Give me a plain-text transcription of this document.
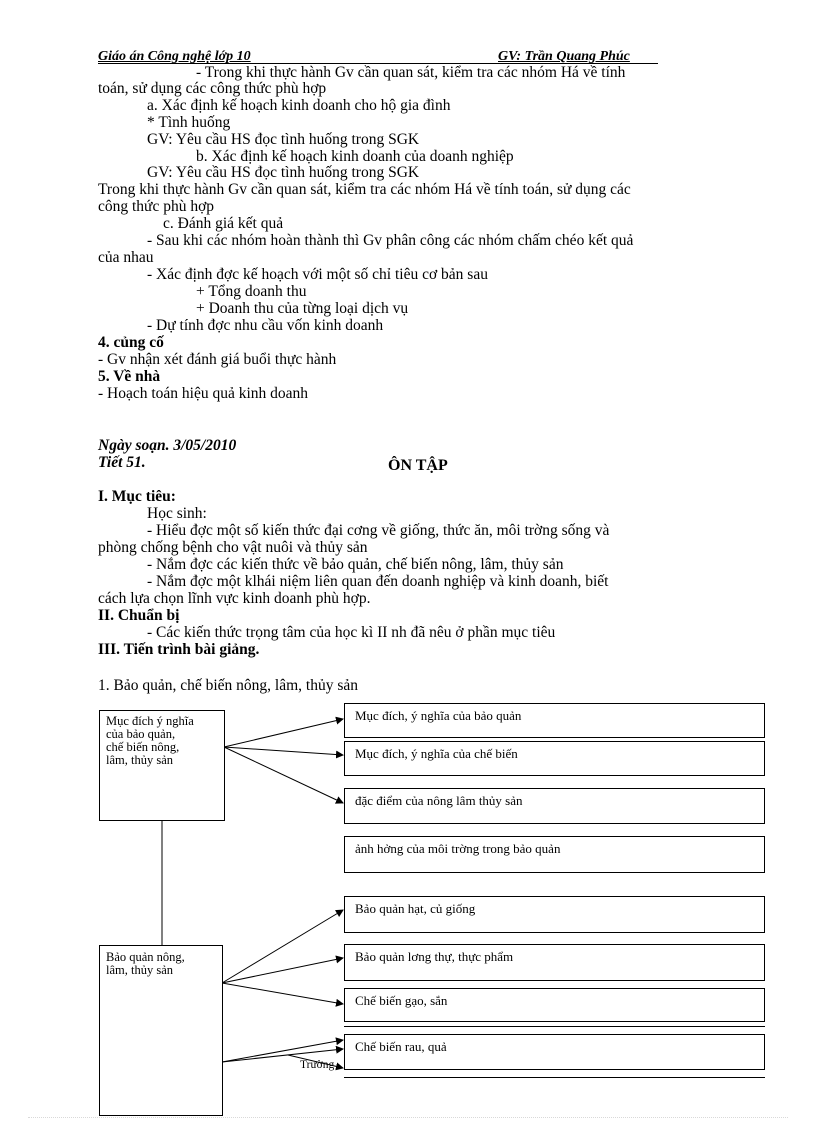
Giáo án Công nghệ lớp 10	GV: Trần Quang Phúc
- Trong khi thực hành Gv cần quan sát, kiểm tra các nhóm Há về tính
toán, sử dụng các công thức phù hợp
a. Xác định kế hoạch kinh doanh cho hộ gia đình
* Tình huống
GV: Yêu cầu HS đọc tình huống trong SGK
b. Xác định kế hoạch kinh doanh của doanh nghiệp
GV: Yêu cầu HS đọc tình huống trong SGK
Trong khi thực hành Gv cần quan sát, kiểm tra các nhóm Há về tính toán, sử dụng các
công thức phù hợp
c. Đánh giá kết quả
- Sau khi các nhóm hoàn thành thì Gv phân công các nhóm chấm chéo kết quả
của nhau
- Xác định đợc kế hoạch với một số chỉ tiêu cơ bản sau
+ Tổng doanh thu
+ Doanh thu của từng loại dịch vụ
- Dự tính đợc nhu cầu vốn kinh doanh
4. củng cố
- Gv nhận xét đánh giá buổi thực hành
5. Về nhà
- Hoạch toán hiệu quả kinh doanh
Ngày soạn. 3/05/2010
Tiết 51.	ÔN TẬP
I. Mục tiêu:
Học sinh:
- Hiểu đợc một số kiến thức đại cơng về giống, thức ăn, môi trờng sống và
phòng chống bệnh cho vật nuôi và thủy sản
- Nắm đợc các kiến thức về bảo quản, chế biến nông, lâm, thủy sản
- Nắm đợc một klhái niệm liên quan đến doanh nghiệp và kinh doanh, biết
cách lựa chọn lĩnh vực kinh doanh phù hợp.
II. Chuẩn bị
- Các kiến thức trọng tâm của học kì II nh đã nêu ở phần mục tiêu
III. Tiến trình bài giảng.
1. Bảo quản, chế biến nông, lâm, thủy sản
Mục đích ý nghĩa
của bảo quản,
chế biến nông,
lâm, thủy sản
Bảo quản nông,
lâm, thủy sản
Mục đích, ý nghĩa của bảo quản
Mục đích, ý nghĩa của chế biến
đặc điểm của nông lâm thủy sản
ảnh hởng của môi trờng trong bảo quản
Bảo quản hạt, củ giống
Bảo quản lơng thự, thực phẩm
Chế biến gạo, sắn
Chế biến rau, quả
Trường
